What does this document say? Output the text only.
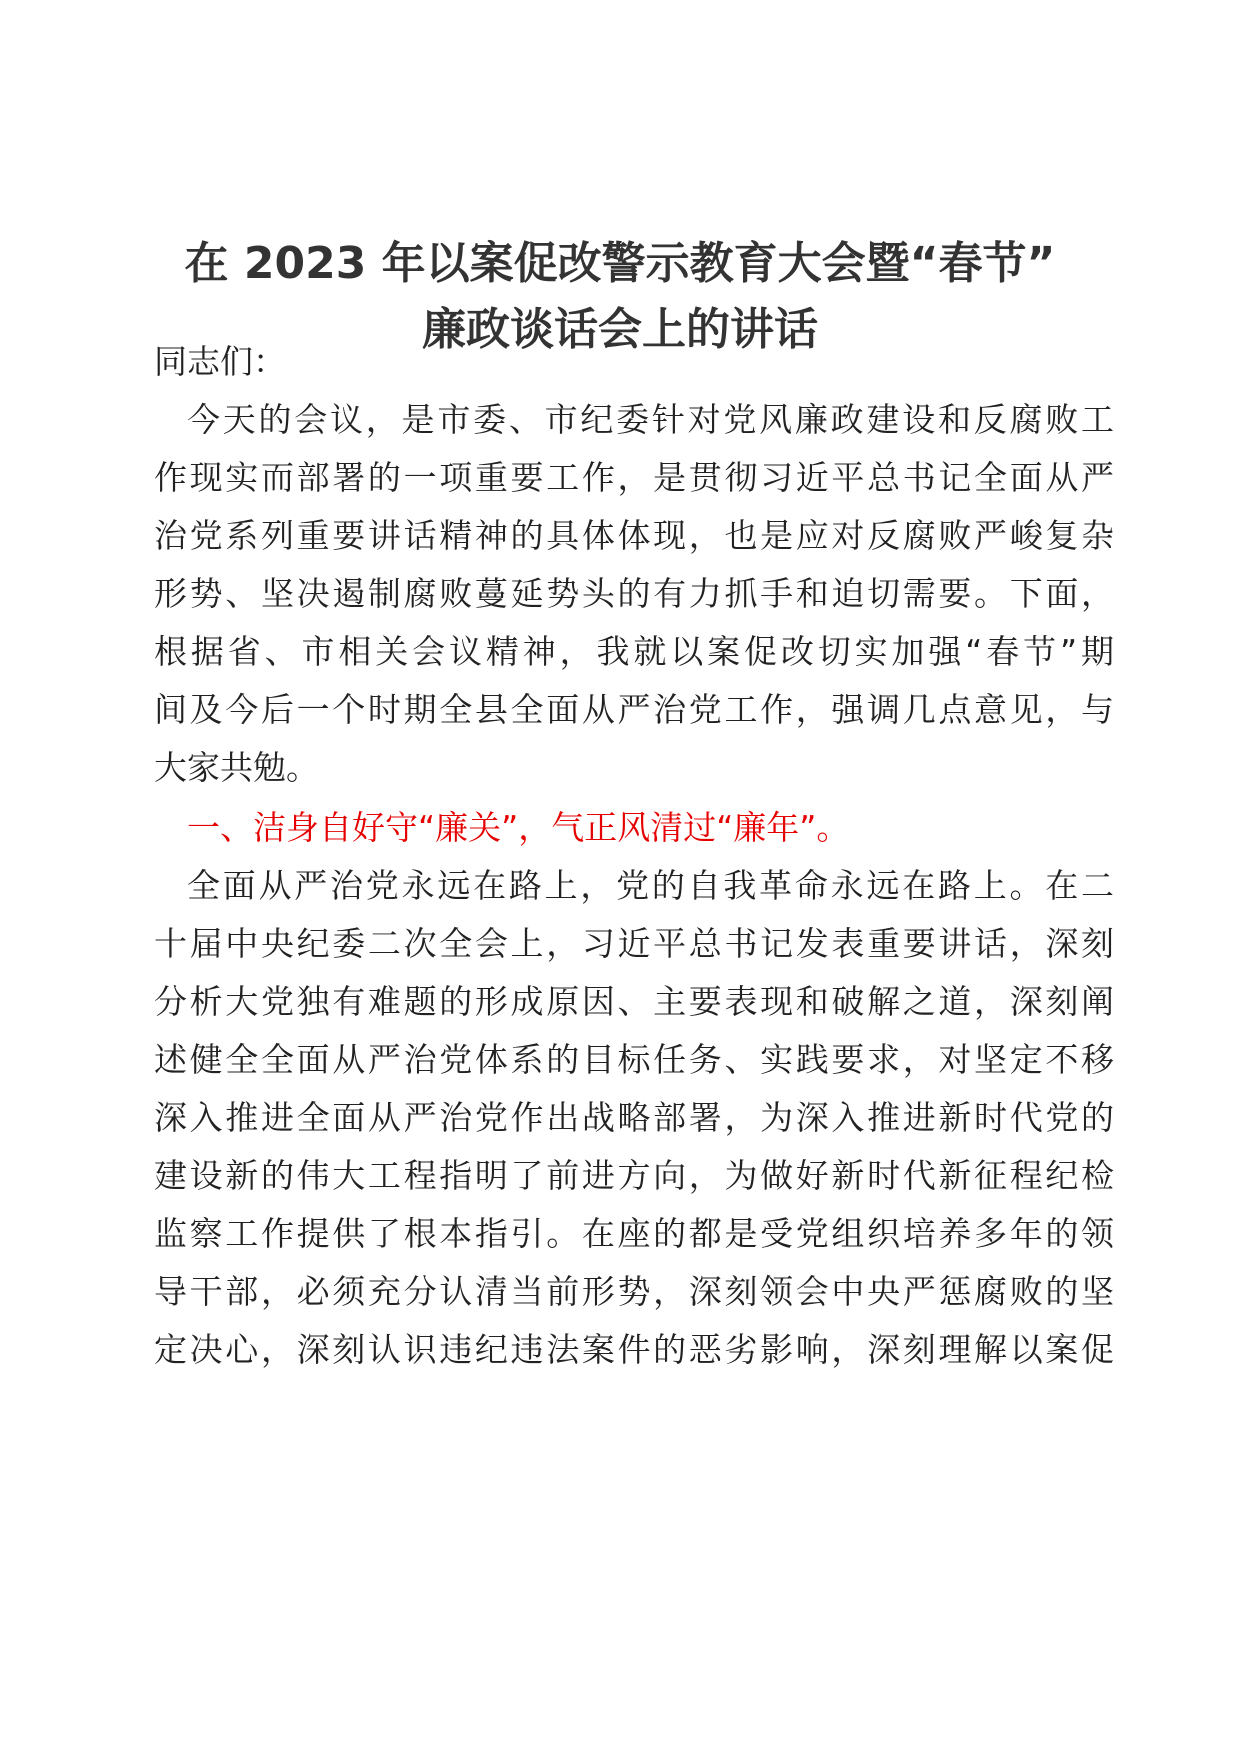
在 2023 年以案促改警示教育大会暨“春节”
廉政谈话会上的讲话
同志们：
今天的会议，是市委、市纪委针对党风廉政建设和反腐败工
作现实而部署的一项重要工作，是贯彻习近平总书记全面从严
治党系列重要讲话精神的具体体现，也是应对反腐败严峻复杂
形势、坚决遏制腐败蔓延势头的有力抓手和迫切需要。下面，
根据省、市相关会议精神，我就以案促改切实加强“春节”期
间及今后一个时期全县全面从严治党工作，强调几点意见，与
大家共勉。
一、洁身自好守“廉关”，气正风清过“廉年”。
全面从严治党永远在路上，党的自我革命永远在路上。在二
十届中央纪委二次全会上，习近平总书记发表重要讲话，深刻
分析大党独有难题的形成原因、主要表现和破解之道，深刻阐
述健全全面从严治党体系的目标任务、实践要求，对坚定不移
深入推进全面从严治党作出战略部署，为深入推进新时代党的
建设新的伟大工程指明了前进方向，为做好新时代新征程纪检
监察工作提供了根本指引。在座的都是受党组织培养多年的领
导干部，必须充分认清当前形势，深刻领会中央严惩腐败的坚
定决心，深刻认识违纪违法案件的恶劣影响，深刻理解以案促
